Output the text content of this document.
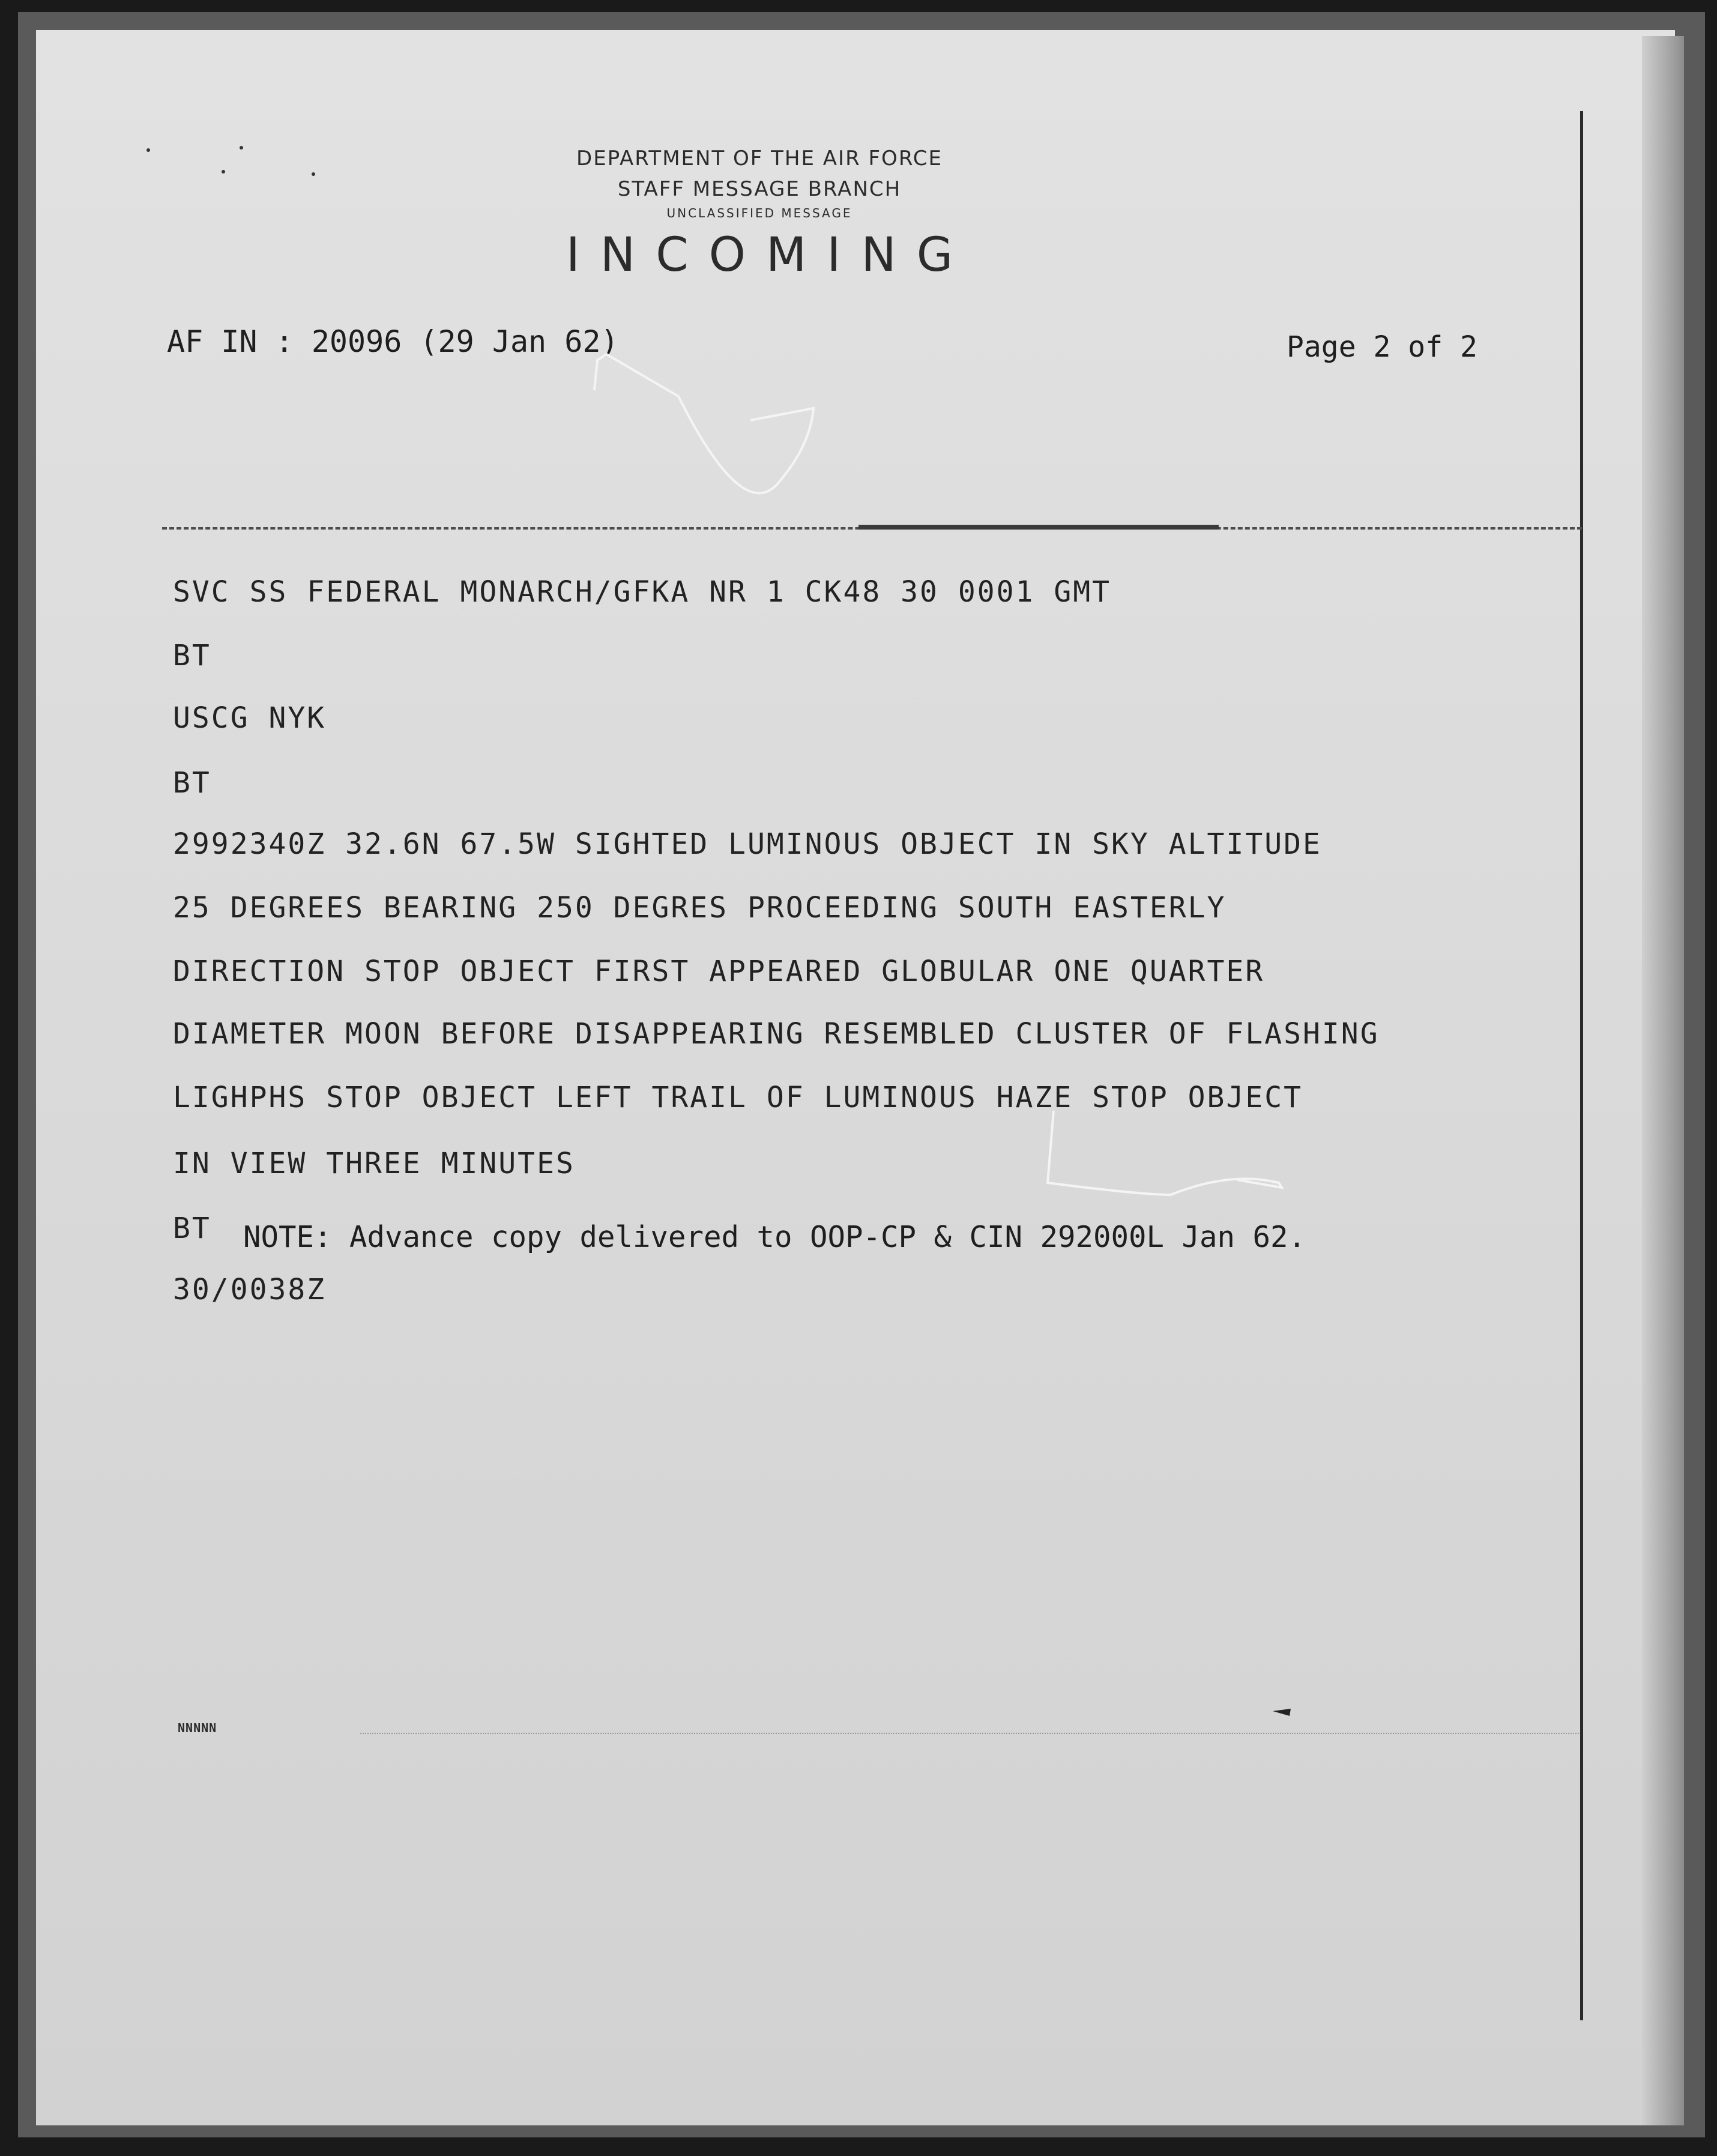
DEPARTMENT OF THE AIR FORCE
STAFF MESSAGE BRANCH
UNCLASSIFIED MESSAGE
INCOMING
AF IN : 20096 (29 Jan 62)	Page 2 of 2
SVC SS FEDERAL MONARCH/GFKA NR 1 CK48 30 0001 GMT
BT
USCG NYK
BT
2992340Z 32.6N 67.5W SIGHTED LUMINOUS OBJECT IN SKY ALTITUDE
25 DEGREES BEARING 250 DEGRES PROCEEDING SOUTH EASTERLY
DIRECTION STOP OBJECT FIRST APPEARED GLOBULAR ONE QUARTER
DIAMETER MOON BEFORE DISAPPEARING RESEMBLED CLUSTER OF FLASHING
LIGHPHS STOP OBJECT LEFT TRAIL OF LUMINOUS HAZE STOP OBJECT
IN VIEW THREE MINUTES
BT NOTE: Advance copy delivered to OOP-CP & CIN 292000L Jan 62.
30/0038Z
NNNNN
